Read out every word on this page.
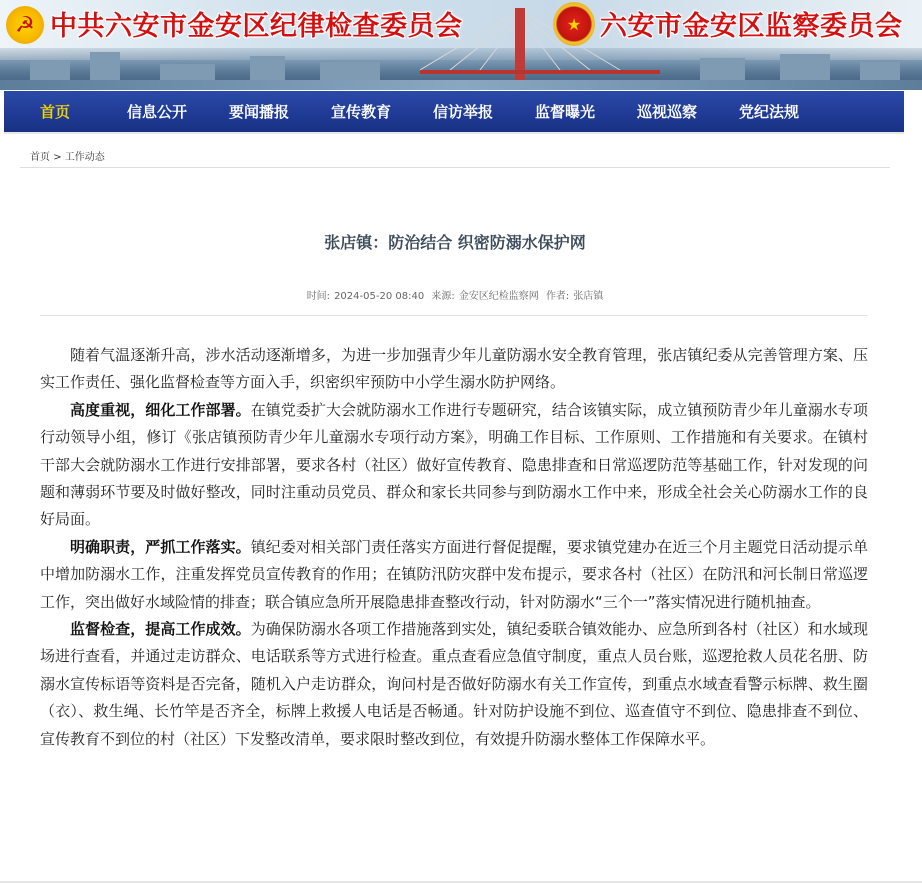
☭ 中共六安市金安区纪律检查委员会	★ 六安市金安区监察委员会
首页	信息公开	要闻播报	宣传教育	信访举报	监督曝光	巡视巡察	党纪法规
首页 > 工作动态
张店镇：防治结合 织密防溺水保护网
时间: 2024-05-20 08:40 来源: 金安区纪检监察网 作者: 张店镇

随着气温逐渐升高，涉水活动逐渐增多，为进一步加强青少年儿童防溺水安全教育管理，张店镇纪委从完善管理方案、压实工作责任、强化监督检查等方面入手，织密织牢预防中小学生溺水防护网络。

高度重视，细化工作部署。在镇党委扩大会就防溺水工作进行专题研究，结合该镇实际，成立镇预防青少年儿童溺水专项行动领导小组，修订《张店镇预防青少年儿童溺水专项行动方案》，明确工作目标、工作原则、工作措施和有关要求。在镇村干部大会就防溺水工作进行安排部署，要求各村（社区）做好宣传教育、隐患排查和日常巡逻防范等基础工作，针对发现的问题和薄弱环节要及时做好整改，同时注重动员党员、群众和家长共同参与到防溺水工作中来，形成全社会关心防溺水工作的良好局面。

明确职责，严抓工作落实。镇纪委对相关部门责任落实方面进行督促提醒，要求镇党建办在近三个月主题党日活动提示单中增加防溺水工作，注重发挥党员宣传教育的作用；在镇防汛防灾群中发布提示，要求各村（社区）在防汛和河长制日常巡逻工作，突出做好水域险情的排查；联合镇应急所开展隐患排查整改行动，针对防溺水“三个一”落实情况进行随机抽查。

监督检查，提高工作成效。为确保防溺水各项工作措施落到实处，镇纪委联合镇效能办、应急所到各村（社区）和水域现场进行查看，并通过走访群众、电话联系等方式进行检查。重点查看应急值守制度，重点人员台账，巡逻抢救人员花名册、防溺水宣传标语等资料是否完备，随机入户走访群众，询问村是否做好防溺水有关工作宣传，到重点水域查看警示标牌、救生圈（衣）、救生绳、长竹竿是否齐全，标牌上救援人电话是否畅通。针对防护设施不到位、巡查值守不到位、隐患排查不到位、宣传教育不到位的村（社区）下发整改清单，要求限时整改到位，有效提升防溺水整体工作保障水平。
